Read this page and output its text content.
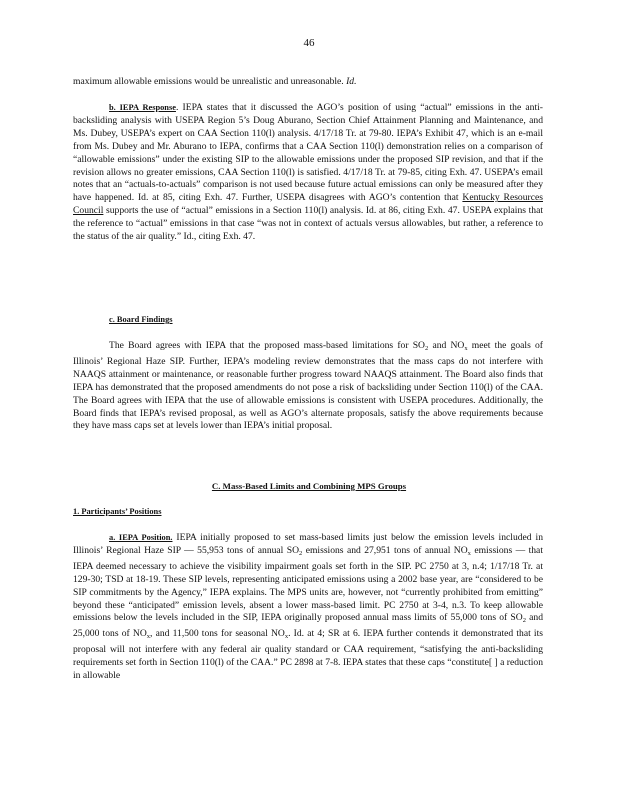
46

maximum allowable emissions would be unrealistic and unreasonable. Id.

b. IEPA Response. IEPA states that it discussed the AGO’s position of using “actual” emissions in the anti-backsliding analysis with USEPA Region 5’s Doug Aburano, Section Chief Attainment Planning and Maintenance, and Ms. Dubey, USEPA’s expert on CAA Section 110(l) analysis. 4/17/18 Tr. at 79-80. IEPA’s Exhibit 47, which is an e-mail from Ms. Dubey and Mr. Aburano to IEPA, confirms that a CAA Section 110(l) demonstration relies on a comparison of “allowable emissions” under the existing SIP to the allowable emissions under the proposed SIP revision, and that if the revision allows no greater emissions, CAA Section 110(l) is satisfied. 4/17/18 Tr. at 79-85, citing Exh. 47. USEPA’s email notes that an “actuals-to-actuals” comparison is not used because future actual emissions can only be measured after they have happened. Id. at 85, citing Exh. 47. Further, USEPA disagrees with AGO’s contention that Kentucky Resources Council supports the use of “actual” emissions in a Section 110(l) analysis. Id. at 86, citing Exh. 47. USEPA explains that the reference to “actual” emissions in that case “was not in context of actuals versus allowables, but rather, a reference to the status of the air quality.” Id., citing Exh. 47.

c. Board Findings

The Board agrees with IEPA that the proposed mass-based limitations for $SO_2$ and $NO_x$ meet the goals of Illinois’ Regional Haze SIP. Further, IEPA’s modeling review demonstrates that the mass caps do not interfere with NAAQS attainment or maintenance, or reasonable further progress toward NAAQS attainment. The Board also finds that IEPA has demonstrated that the proposed amendments do not pose a risk of backsliding under Section 110(l) of the CAA. The Board agrees with IEPA that the use of allowable emissions is consistent with USEPA procedures. Additionally, the Board finds that IEPA’s revised proposal, as well as AGO’s alternate proposals, satisfy the above requirements because they have mass caps set at levels lower than IEPA’s initial proposal.

C. Mass-Based Limits and Combining MPS Groups

1. Participants’ Positions

a. IEPA Position. IEPA initially proposed to set mass-based limits just below the emission levels included in Illinois’ Regional Haze SIP — 55,953 tons of annual $SO_2$ emissions and 27,951 tons of annual $NO_x$ emissions — that IEPA deemed necessary to achieve the visibility impairment goals set forth in the SIP. PC 2750 at 3, n.4; 1/17/18 Tr. at 129-30; TSD at 18-19. These SIP levels, representing anticipated emissions using a 2002 base year, are “considered to be SIP commitments by the Agency,” IEPA explains. The MPS units are, however, not “currently prohibited from emitting” beyond these “anticipated” emission levels, absent a lower mass-based limit. PC 2750 at 3-4, n.3. To keep allowable emissions below the levels included in the SIP, IEPA originally proposed annual mass limits of 55,000 tons of $SO_2$ and 25,000 tons of $NO_x$, and 11,500 tons for seasonal $NO_x$. Id. at 4; SR at 6. IEPA further contends it demonstrated that its proposal will not interfere with any federal air quality standard or CAA requirement, “satisfying the anti-backsliding requirements set forth in Section 110(l) of the CAA.” PC 2898 at 7-8. IEPA states that these caps “constitute[ ] a reduction in allowable
